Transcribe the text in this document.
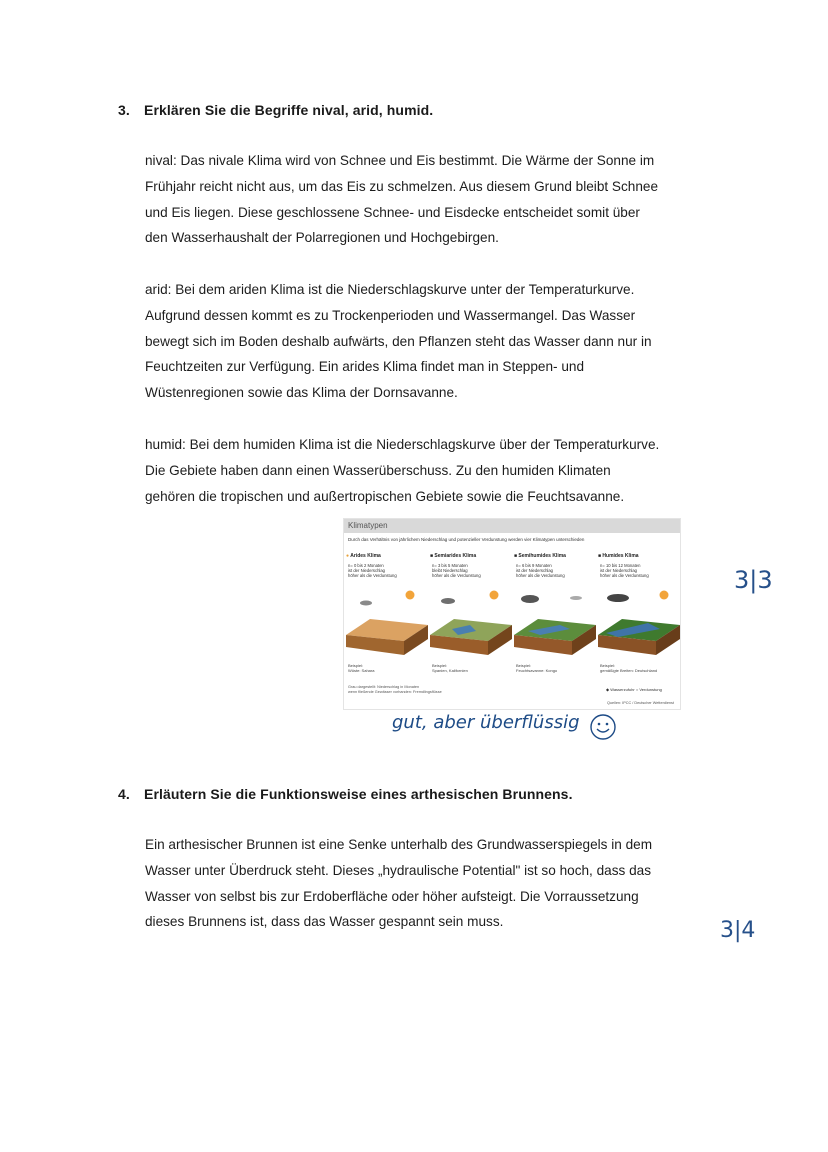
3. Erklären Sie die Begriffe nival, arid, humid.

nival: Das nivale Klima wird von Schnee und Eis bestimmt. Die Wärme der Sonne im

Frühjahr reicht nicht aus, um das Eis zu schmelzen. Aus diesem Grund bleibt Schnee

und Eis liegen. Diese geschlossene Schnee- und Eisdecke entscheidet somit über

den Wasserhaushalt der Polarregionen und Hochgebirgen.

arid: Bei dem ariden Klima ist die Niederschlagskurve unter der Temperaturkurve.

Aufgrund dessen kommt es zu Trockenperioden und Wassermangel. Das Wasser

bewegt sich im Boden deshalb aufwärts, den Pflanzen steht das Wasser dann nur in

Feuchtzeiten zur Verfügung. Ein arides Klima findet man in Steppen- und

Wüstenregionen sowie das Klima der Dornsavanne.

humid: Bei dem humiden Klima ist die Niederschlagskurve über der Temperaturkurve.

Die Gebiete haben dann einen Wasserüberschuss. Zu den humiden Klimaten

gehören die tropischen und außertropischen Gebiete sowie die Feuchtsavanne.

Klimatypen
Durch das Verhältnis von jährlichem Niederschlag und potenzieller Verdunstung werden vier Klimatypen unterschieden
● Arides Klima
n= 0 bis 2 Monaten
ist der Niederschlag
höher als die Verdunstung
Beispiel:
Wüste: Sahara
■ Semiarides Klima
n= 3 bis 5 Monaten
bleibt Niederschlag
höher als die Verdunstung
Beispiel:
Spanien, Kalifornien
■ Semihumides Klima
n= 6 bis 9 Monaten
ist der Niederschlag
höher als die Verdunstung
Beispiel:
Feuchtsavanne: Kongo
■ Humides Klima
n= 10 bis 12 Monaten
ist der Niederschlag
höher als die Verdunstung
Beispiel:
gemäßigte Breiten: Deutschland
Grau dargestellt: Niederschlag in Monaten
wenn fließende Gewässer vorhanden: Fremdlingsflüsse	◆ Wasserzufuhr ○ Verdunstung
Quellen: IPCC / Deutscher Wetterdienst
3|3
gut, aber überflüssig
4. Erläutern Sie die Funktionsweise eines arthesischen Brunnens.

Ein arthesischer Brunnen ist eine Senke unterhalb des Grundwasserspiegels in dem

Wasser unter Überdruck steht. Dieses „hydraulische Potential" ist so hoch, dass das

Wasser von selbst bis zur Erdoberfläche oder höher aufsteigt. Die Vorraussetzung

dieses Brunnens ist, dass das Wasser gespannt sein muss.	3|4
